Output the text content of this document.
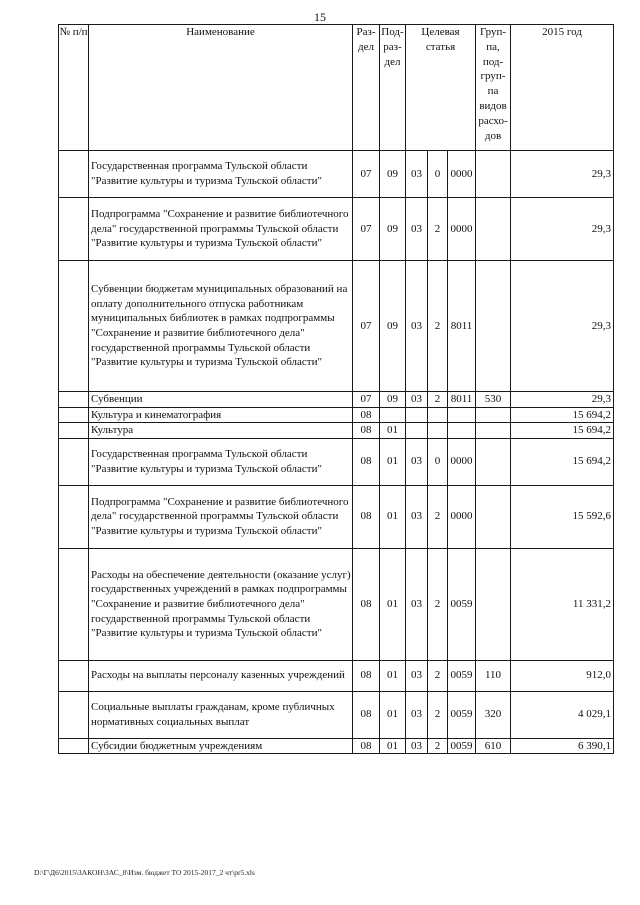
15
№ п/п	Наименование	Раз- дел	Под- раз- дел	Целевая статья			Груп- па, под- груп- па видов расхо- дов	2015 год
	Государственная программа Тульской области "Развитие культуры и туризма Тульской области"	07	09	03	0	0000		29,3
	Подпрограмма "Сохранение и развитие библиотечного дела" государственной программы Тульской области "Развитие культуры и туризма Тульской области"	07	09	03	2	0000		29,3
	Субвенции бюджетам муниципальных образований на оплату дополнительного отпуска работникам муниципальных библиотек в рамках подпрограммы "Сохранение и развитие библиотечного дела" государственной программы Тульской области "Развитие культуры и туризма Тульской области"	07	09	03	2	8011		29,3
	Субвенции	07	09	03	2	8011	530	29,3
	Культура и кинематография	08						15 694,2
	Культура	08	01					15 694,2
	Государственная программа Тульской области "Развитие культуры и туризма Тульской области"	08	01	03	0	0000		15 694,2
	Подпрограмма "Сохранение и развитие библиотечного дела" государственной программы Тульской области "Развитие культуры и туризма Тульской области"	08	01	03	2	0000		15 592,6
	Расходы на обеспечение деятельности (оказание услуг) государственных учреждений в рамках подпрограммы "Сохранение и развитие библиотечного дела" государственной программы Тульской области "Развитие культуры и туризма Тульской области"	08	01	03	2	0059		11 331,2
	Расходы на выплаты персоналу казенных учреждений	08	01	03	2	0059	110	912,0
	Социальные выплаты гражданам, кроме публичных нормативных социальных выплат	08	01	03	2	0059	320	4 029,1
	Субсидии бюджетным учреждениям	08	01	03	2	0059	610	6 390,1
D:\Г\Д6\2015\ЗАКОН\ЗАС_8\Изм. бюджет ТО 2015-2017_2 чт\pr5.xls
